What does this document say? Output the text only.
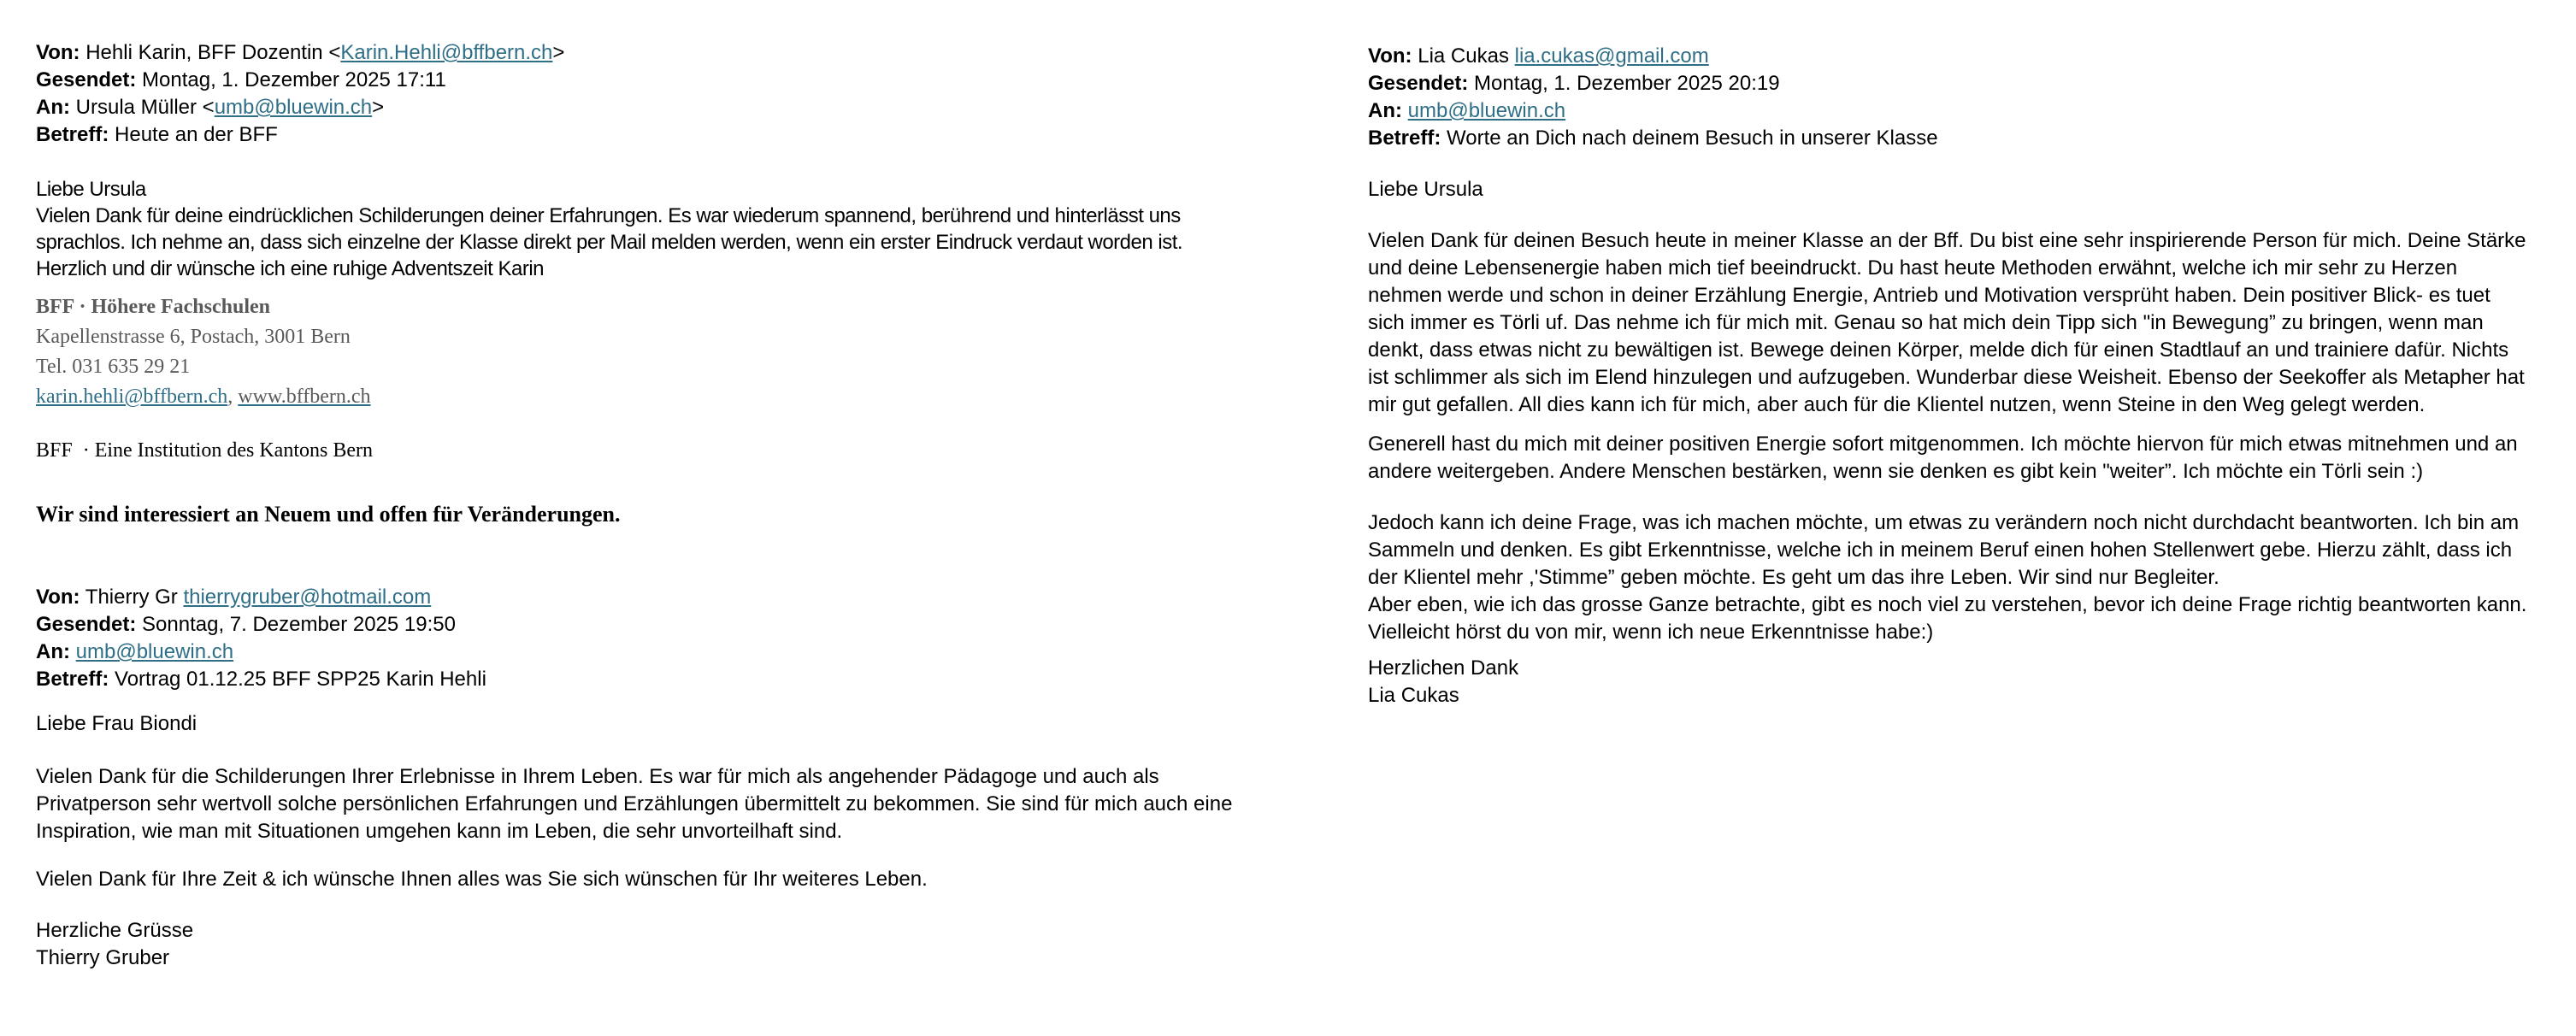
Von: Hehli Karin, BFF Dozentin <Karin.Hehli@bffbern.ch>
Gesendet: Montag, 1. Dezember 2025 17:11
An: Ursula Müller <umb@bluewin.ch>
Betreff: Heute an der BFF

Liebe Ursula
Vielen Dank für deine eindrücklichen Schilderungen deiner Erfahrungen. Es war wiederum spannend, berührend und hinterlässt uns sprachlos. Ich nehme an, dass sich einzelne der Klasse direkt per Mail melden werden, wenn ein erster Eindruck verdaut worden ist. Herzlich und dir wünsche ich eine ruhige Adventszeit Karin

BFF · Höhere Fachschulen
Kapellenstrasse 6, Postach, 3001 Bern
Tel. 031 635 29 21
karin.hehli@bffbern.ch, www.bffbern.ch
BFF  · Eine Institution des Kantons Bern
Wir sind interessiert an Neuem und offen für Veränderungen.
Von: Thierry Gr thierrygruber@hotmail.com
Gesendet: Sonntag, 7. Dezember 2025 19:50
An: umb@bluewin.ch
Betreff: Vortrag 01.12.25 BFF SPP25 Karin Hehli

Liebe Frau Biondi

Vielen Dank für die Schilderungen Ihrer Erlebnisse in Ihrem Leben. Es war für mich als angehender Pädagoge und auch als Privatperson sehr wertvoll solche persönlichen Erfahrungen und Erzählungen übermittelt zu bekommen. Sie sind für mich auch eine Inspiration, wie man mit Situationen umgehen kann im Leben, die sehr unvorteilhaft sind.

Vielen Dank für Ihre Zeit & ich wünsche Ihnen alles was Sie sich wünschen für Ihr weiteres Leben.

Herzliche Grüsse
Thierry Gruber

Von: Lia Cukas lia.cukas@gmail.com
Gesendet: Montag, 1. Dezember 2025 20:19
An: umb@bluewin.ch
Betreff: Worte an Dich nach deinem Besuch in unserer Klasse

Liebe Ursula

Vielen Dank für deinen Besuch heute in meiner Klasse an der Bff. Du bist eine sehr inspirierende Person für mich. Deine Stärke und deine Lebensenergie haben mich tief beeindruckt. Du hast heute Methoden erwähnt, welche ich mir sehr zu Herzen nehmen werde und schon in deiner Erzählung Energie, Antrieb und Motivation versprüht haben. Dein positiver Blick- es tuet sich immer es Törli uf. Das nehme ich für mich mit. Genau so hat mich dein Tipp sich "in Bewegung” zu bringen, wenn man denkt, dass etwas nicht zu bewältigen ist. Bewege deinen Körper, melde dich für einen Stadtlauf an und trainiere dafür. Nichts ist schlimmer als sich im Elend hinzulegen und aufzugeben. Wunderbar diese Weisheit. Ebenso der Seekoffer als Metapher hat mir gut gefallen. All dies kann ich für mich, aber auch für die Klientel nutzen, wenn Steine in den Weg gelegt werden.

Generell hast du mich mit deiner positiven Energie sofort mitgenommen. Ich möchte hiervon für mich etwas mitnehmen und an andere weitergeben. Andere Menschen bestärken, wenn sie denken es gibt kein "weiter”. Ich möchte ein Törli sein :)

Jedoch kann ich deine Frage, was ich machen möchte, um etwas zu verändern noch nicht durchdacht beantworten. Ich bin am Sammeln und denken. Es gibt Erkenntnisse, welche ich in meinem Beruf einen hohen Stellenwert gebe. Hierzu zählt, dass ich der Klientel mehr ,'Stimme” geben möchte. Es geht um das ihre Leben. Wir sind nur Begleiter.
Aber eben, wie ich das grosse Ganze betrachte, gibt es noch viel zu verstehen, bevor ich deine Frage richtig beantworten kann. Vielleicht hörst du von mir, wenn ich neue Erkenntnisse habe:)

Herzlichen Dank
Lia Cukas
